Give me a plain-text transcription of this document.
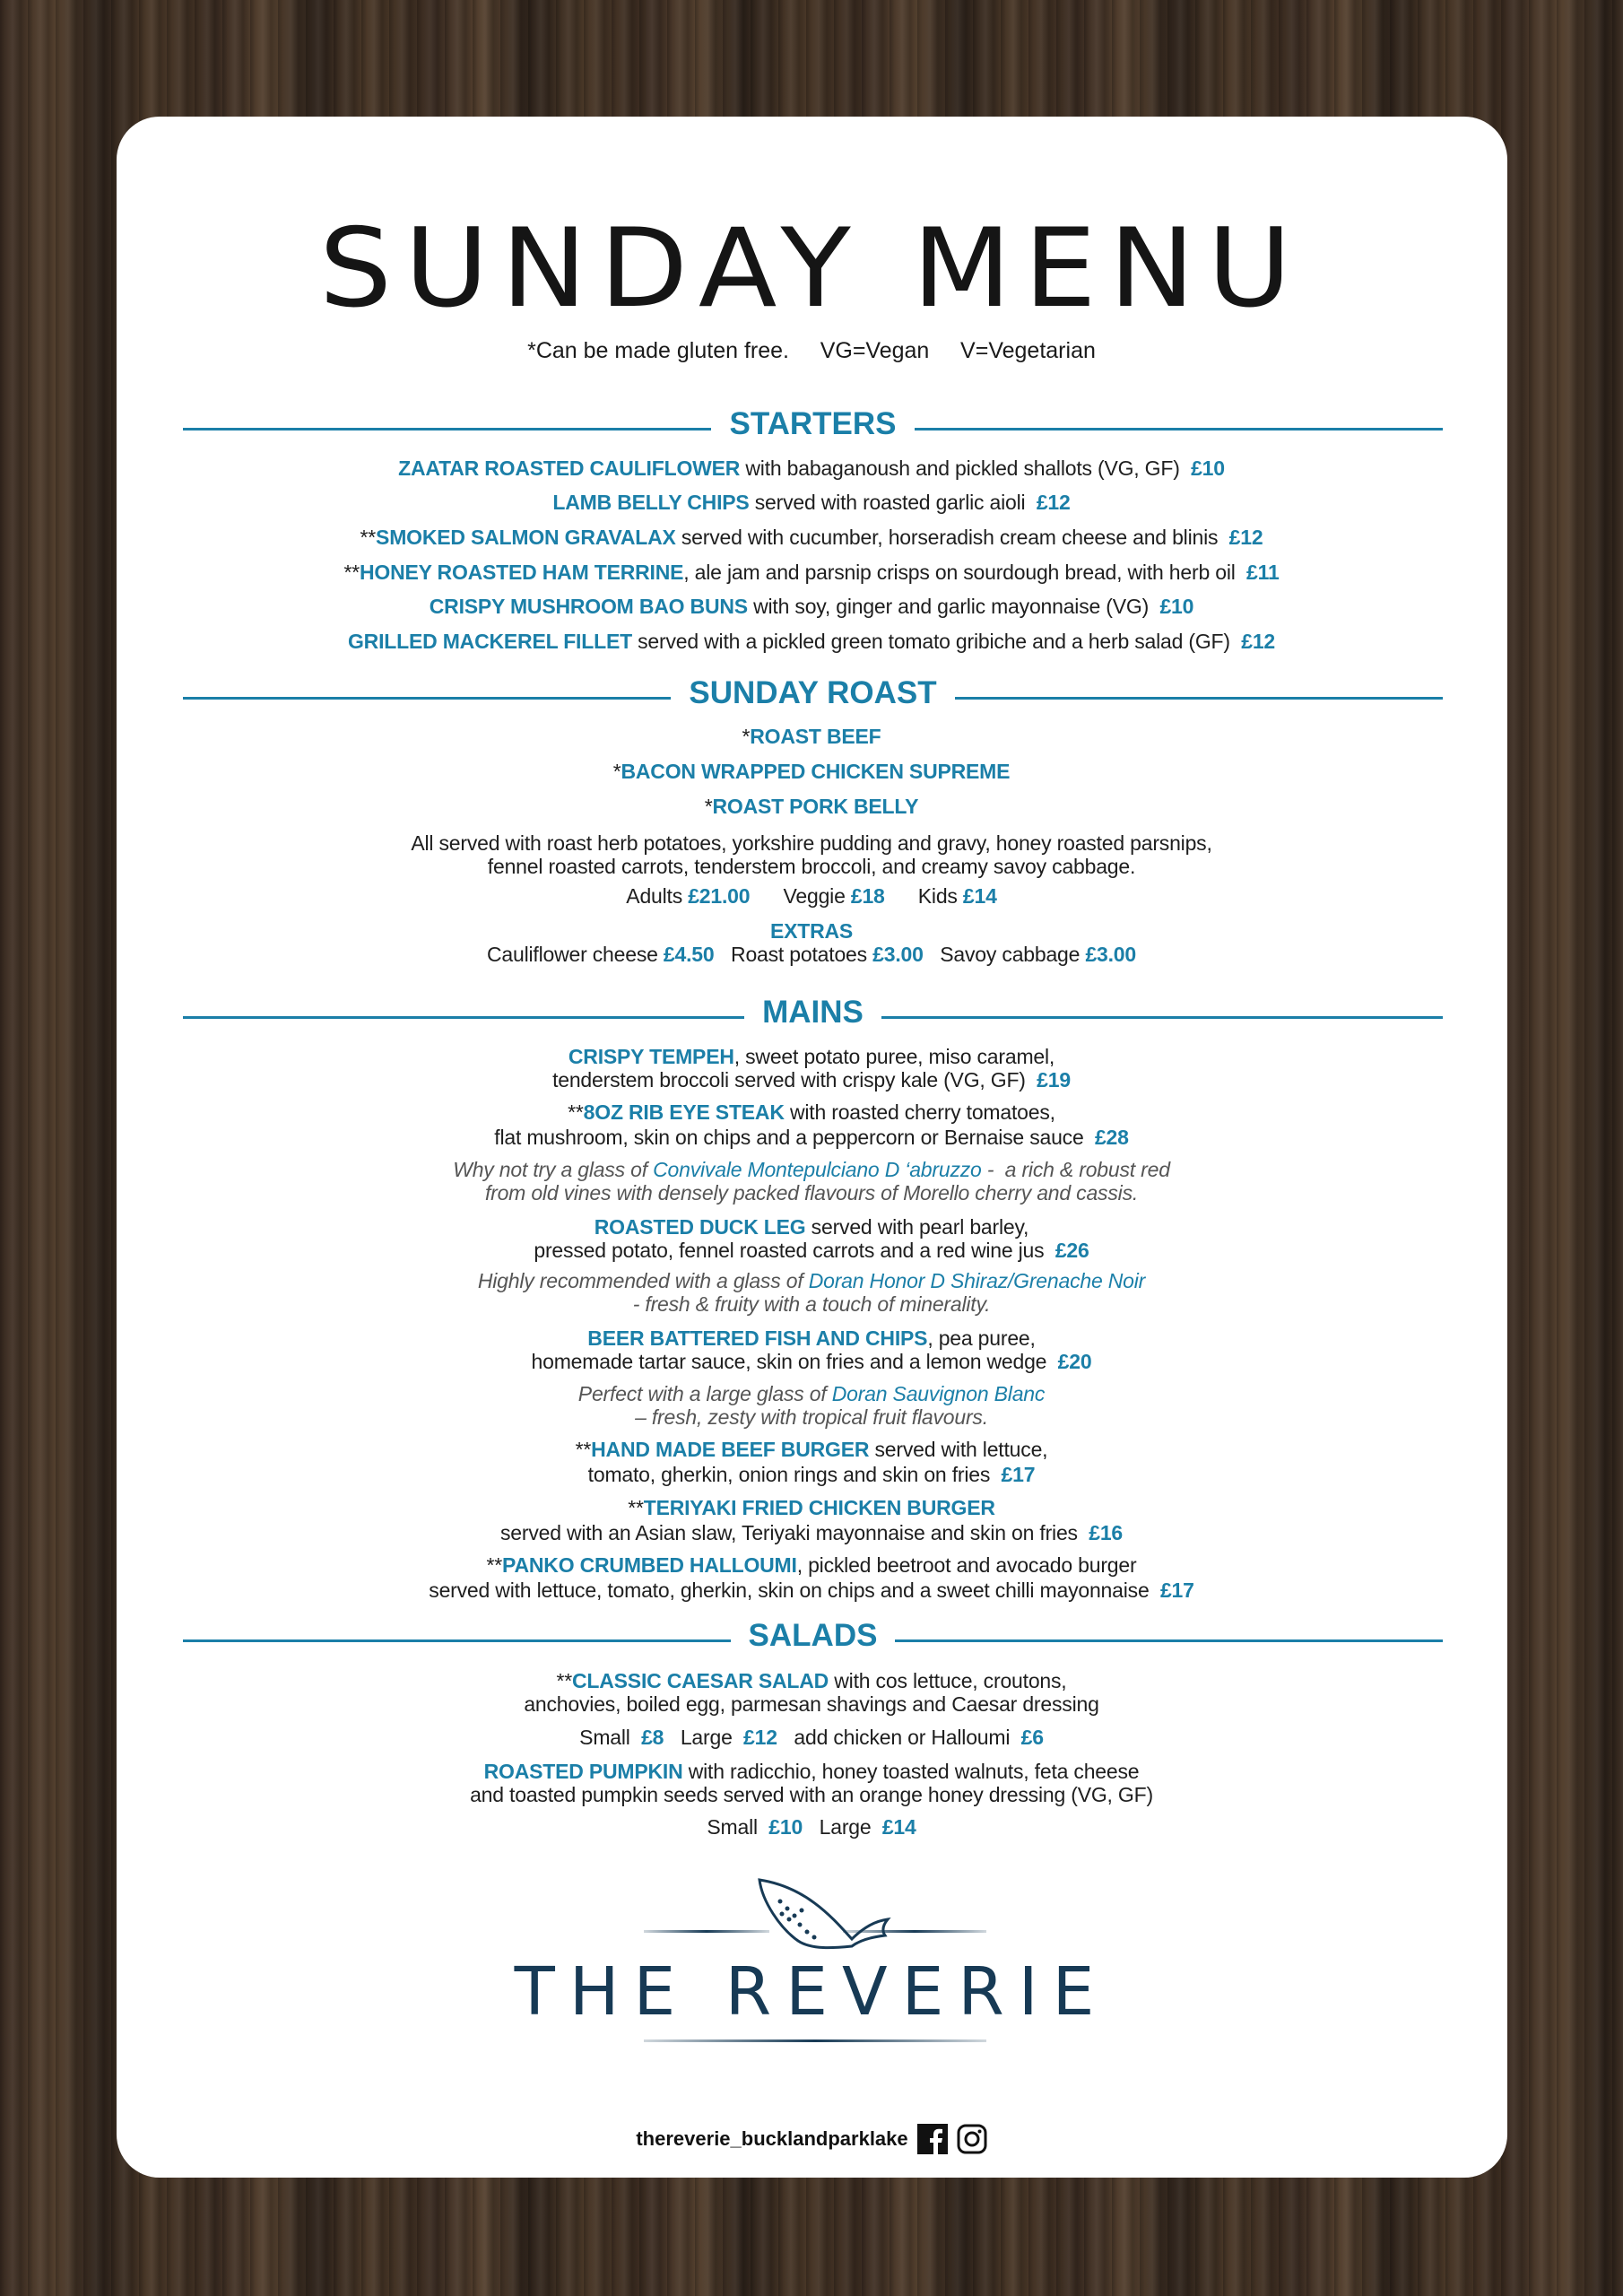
SUNDAY MENU
*Can be made gluten free.     VG=Vegan     V=Vegetarian
STARTERS
ZAATAR ROASTED CAULIFLOWER with babaganoush and pickled shallots (VG, GF)  £10
LAMB BELLY CHIPS served with roasted garlic aioli  £12
**SMOKED SALMON GRAVALAX served with cucumber, horseradish cream cheese and blinis  £12
**HONEY ROASTED HAM TERRINE, ale jam and parsnip crisps on sourdough bread, with herb oil  £11
CRISPY MUSHROOM BAO BUNS with soy, ginger and garlic mayonnaise (VG)  £10
GRILLED MACKEREL FILLET served with a pickled green tomato gribiche and a herb salad (GF)  £12
SUNDAY ROAST
*ROAST BEEF
*BACON WRAPPED CHICKEN SUPREME
*ROAST PORK BELLY
All served with roast herb potatoes, yorkshire pudding and gravy, honey roasted parsnips,
fennel roasted carrots, tenderstem broccoli, and creamy savoy cabbage.
Adults £21.00      Veggie £18      Kids £14
EXTRAS
Cauliflower cheese £4.50   Roast potatoes £3.00   Savoy cabbage £3.00
MAINS
CRISPY TEMPEH, sweet potato puree, miso caramel,
tenderstem broccoli served with crispy kale (VG, GF)  £19
**8OZ RIB EYE STEAK with roasted cherry tomatoes,
flat mushroom, skin on chips and a peppercorn or Bernaise sauce  £28
Why not try a glass of Convivale Montepulciano D ‘abruzzo -  a rich & robust red
from old vines with densely packed flavours of Morello cherry and cassis.
ROASTED DUCK LEG served with pearl barley,
pressed potato, fennel roasted carrots and a red wine jus  £26
Highly recommended with a glass of Doran Honor D Shiraz/Grenache Noir
- fresh & fruity with a touch of minerality.
BEER BATTERED FISH AND CHIPS, pea puree,
homemade tartar sauce, skin on fries and a lemon wedge  £20
Perfect with a large glass of Doran Sauvignon Blanc
– fresh, zesty with tropical fruit flavours.
**HAND MADE BEEF BURGER served with lettuce,
tomato, gherkin, onion rings and skin on fries  £17
**TERIYAKI FRIED CHICKEN BURGER
served with an Asian slaw, Teriyaki mayonnaise and skin on fries  £16
**PANKO CRUMBED HALLOUMI, pickled beetroot and avocado burger
served with lettuce, tomato, gherkin, skin on chips and a sweet chilli mayonnaise  £17
SALADS
**CLASSIC CAESAR SALAD with cos lettuce, croutons,
anchovies, boiled egg, parmesan shavings and Caesar dressing
Small  £8   Large  £12   add chicken or Halloumi  £6
ROASTED PUMPKIN with radicchio, honey toasted walnuts, feta cheese
and toasted pumpkin seeds served with an orange honey dressing (VG, GF)
Small  £10   Large  £14
THE REVERIE
thereverie_bucklandparklake
